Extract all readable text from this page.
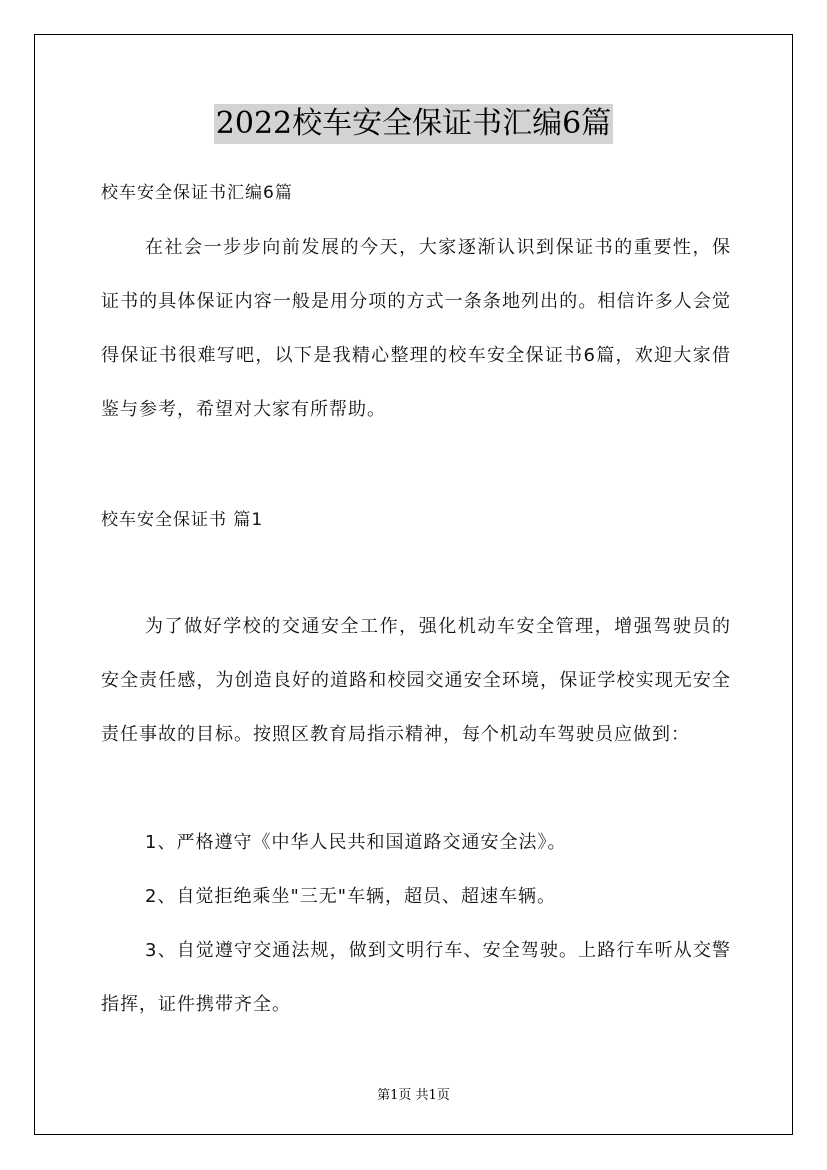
2022校车安全保证书汇编6篇

校车安全保证书汇编6篇

在社会一步步向前发展的今天，大家逐渐认识到保证书的重要性，保证书的具体保证内容一般是用分项的方式一条条地列出的。相信许多人会觉得保证书很难写吧，以下是我精心整理的校车安全保证书6篇，欢迎大家借鉴与参考，希望对大家有所帮助。

校车安全保证书 篇1

为了做好学校的交通安全工作，强化机动车安全管理，增强驾驶员的安全责任感，为创造良好的道路和校园交通安全环境，保证学校实现无安全责任事故的目标。按照区教育局指示精神，每个机动车驾驶员应做到：

1、严格遵守《中华人民共和国道路交通安全法》。

2、自觉拒绝乘坐"三无"车辆，超员、超速车辆。

3、自觉遵守交通法规，做到文明行车、安全驾驶。上路行车听从交警指挥，证件携带齐全。

第1页 共1页
